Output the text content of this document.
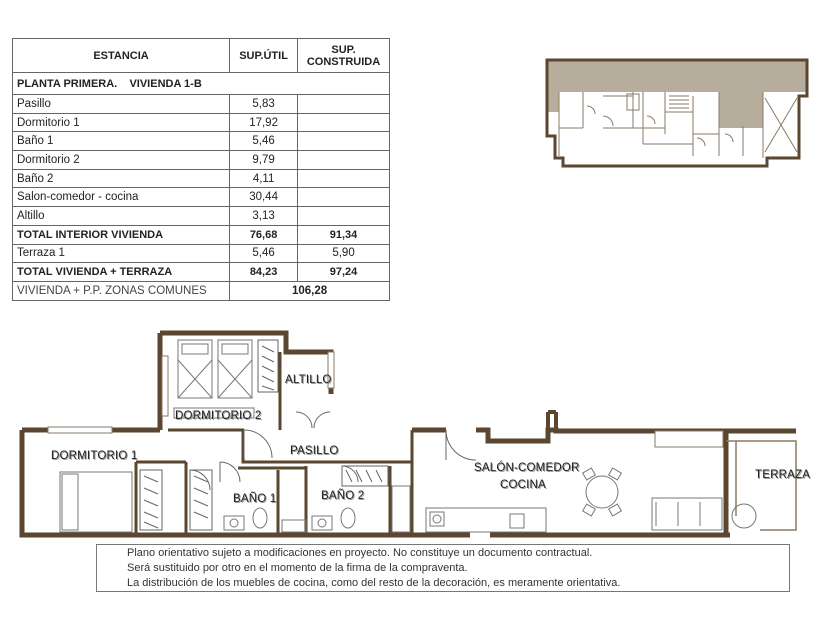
ESTANCIA	SUP.ÚTIL	SUP.
CONSTRUIDA
PLANTA PRIMERA.    VIVIENDA 1-B		
Pasillo	5,83	
Dormitorio 1	17,92	
Baño 1	5,46	
Dormitorio 2	9,79	
Baño 2	4,11	
Salon-comedor - cocina	30,44	
Altillo	3,13	
TOTAL INTERIOR VIVIENDA	76,68	91,34
Terraza 1	5,46	5,90
TOTAL VIVIENDA + TERRAZA	84,23	97,24
VIVIENDA + P.P. ZONAS COMUNES	106,28	
ALTILLO
DORMITORIO 2
PASILLO
DORMITORIO 1
SALÓN-COMEDOR
COCINA
TERRAZA
BAÑO 1	BAÑO 2

Plano orientativo sujeto a modificaciones en proyecto. No constituye un documento contractual.

Será sustituido por otro en el momento de la firma de la compraventa.

La distribución de los muebles de cocina, como del resto de la decoración, es meramente orientativa.
